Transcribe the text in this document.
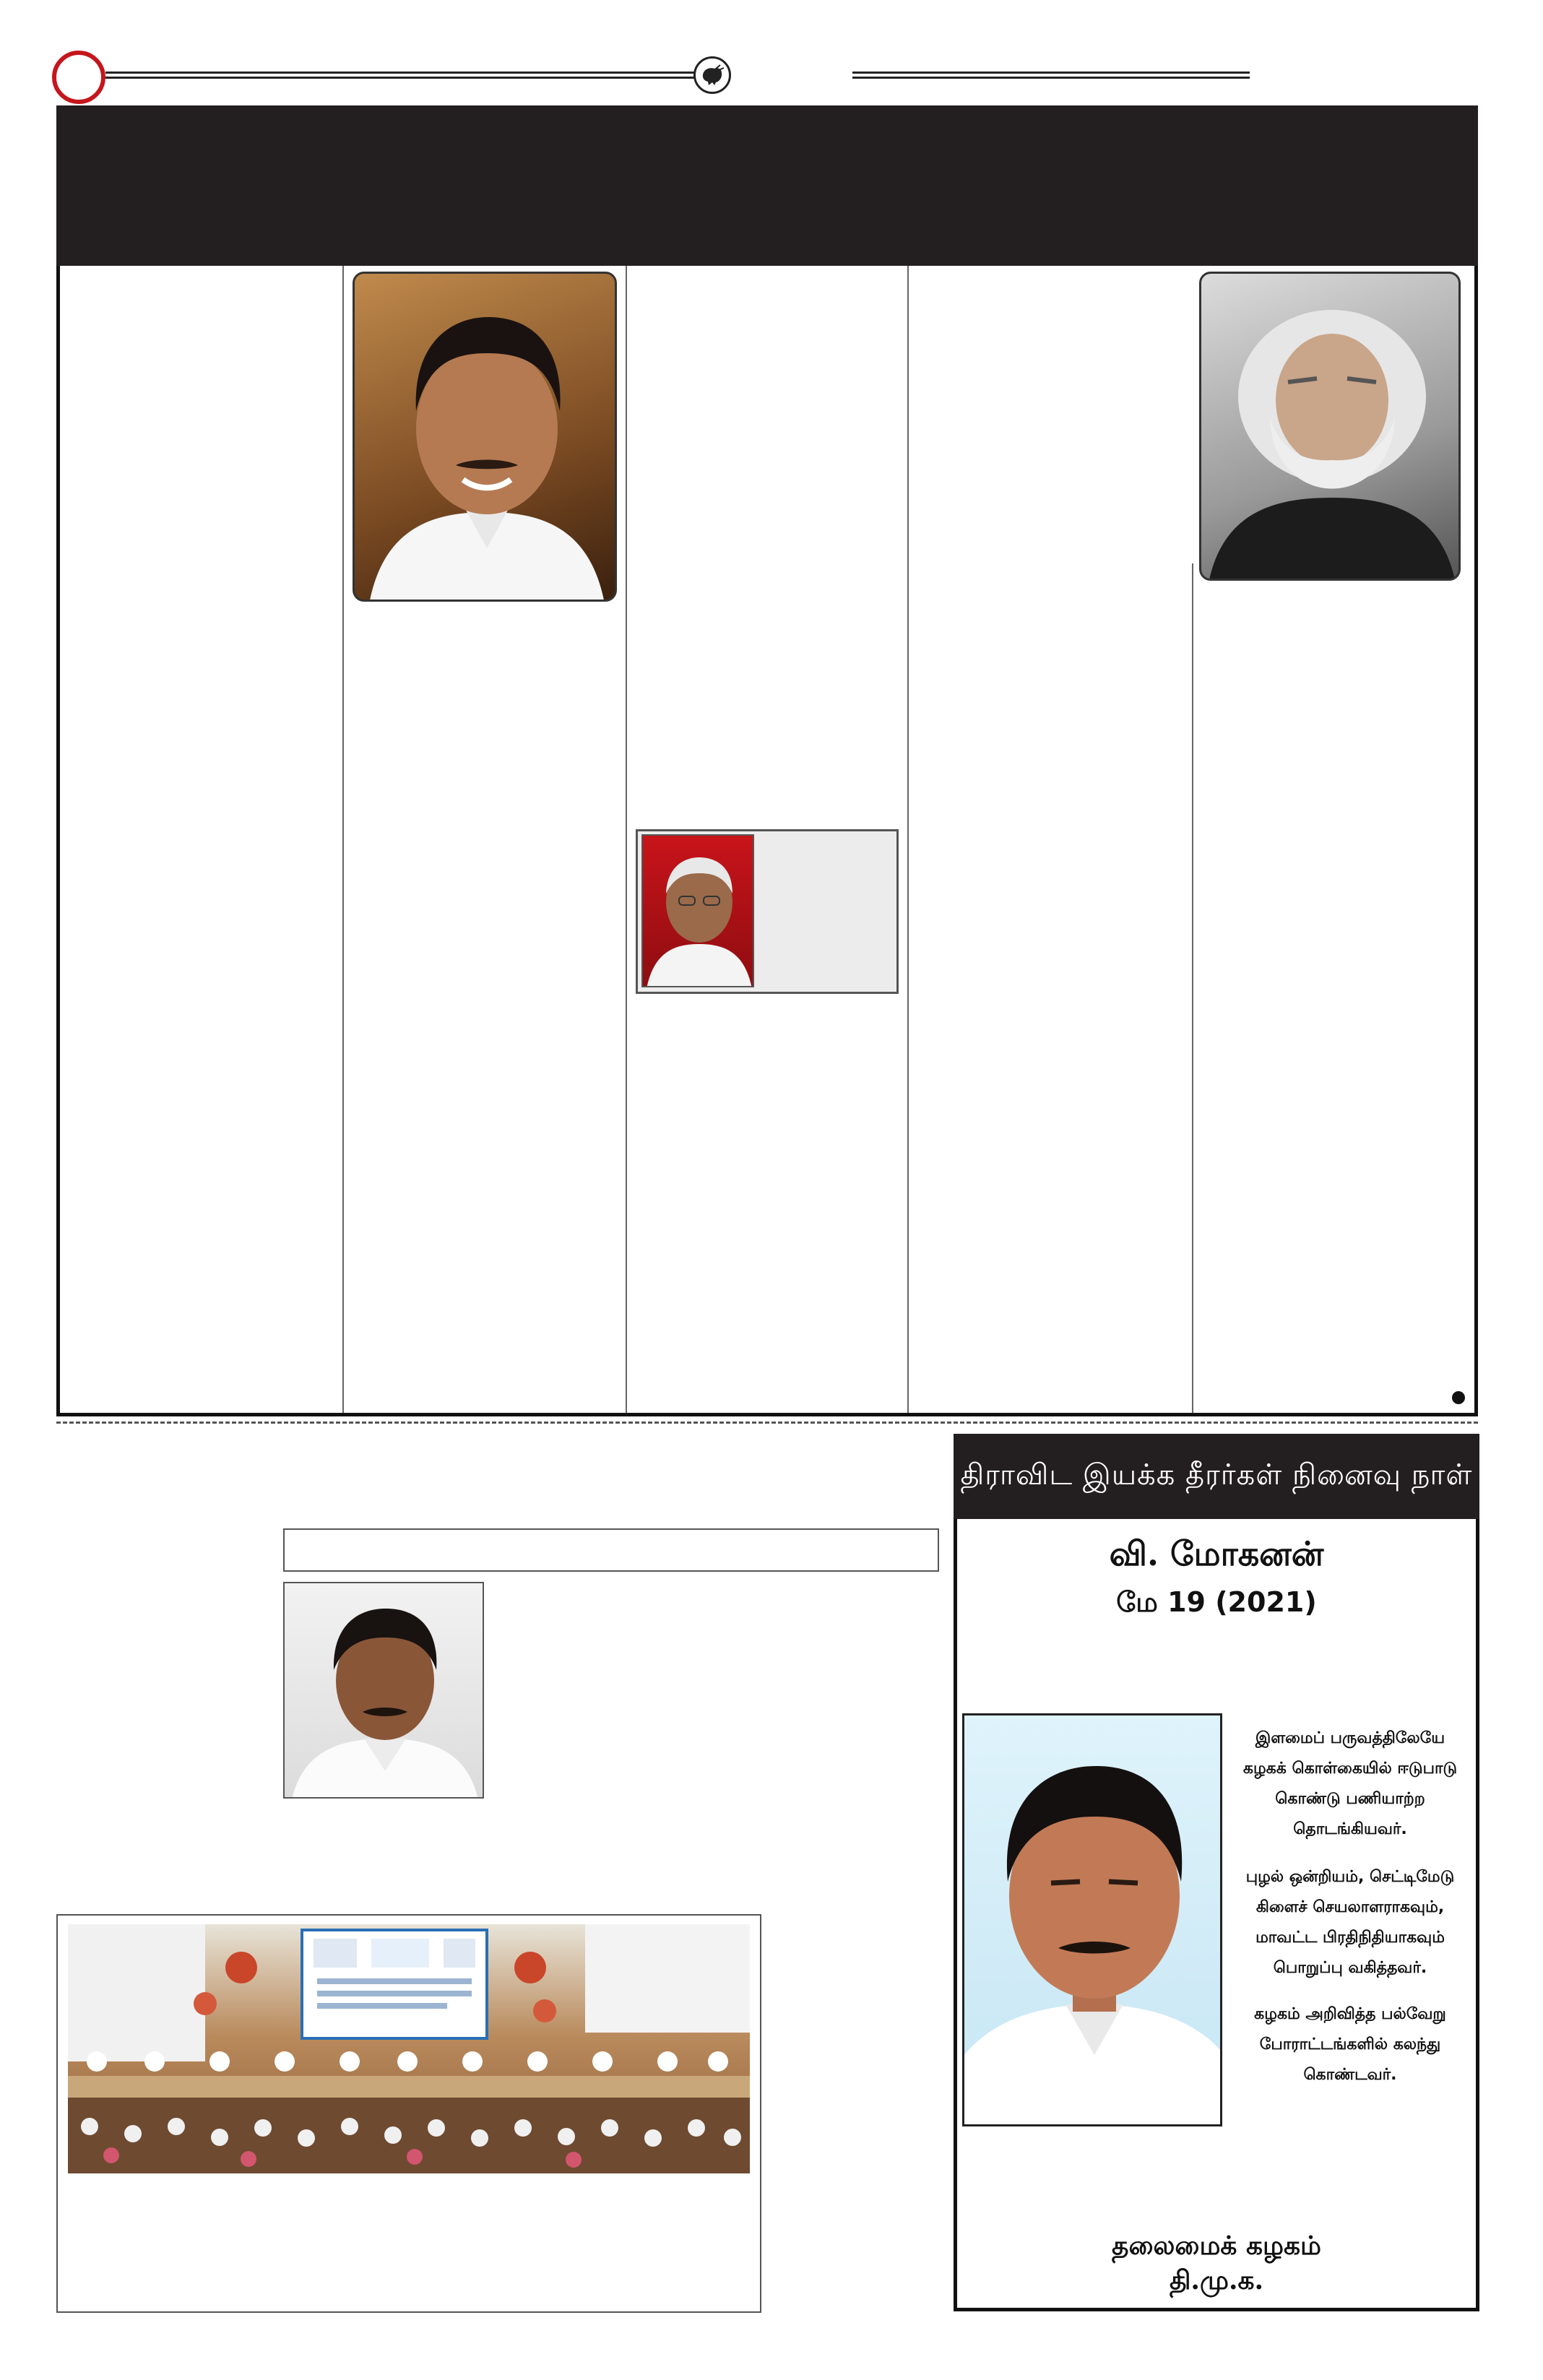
திராவிட இயக்க தீரர்கள் நினைவு நாள்
வி. மோகனன்
மே 19 (2021)
இளமைப் பருவத்திலேயே
கழகக் கொள்கையில் ஈடுபாடு
கொண்டு பணியாற்ற
தொடங்கியவர்.
புழல் ஒன்றியம், செட்டிமேடு
கிளைச் செயலாளராகவும்,
மாவட்ட பிரதிநிதியாகவும்
பொறுப்பு வகித்தவர்.
கழகம் அறிவித்த பல்வேறு
போராட்டங்களில் கலந்து
கொண்டவர்.
தலைமைக் கழகம்
தி.மு.க.
